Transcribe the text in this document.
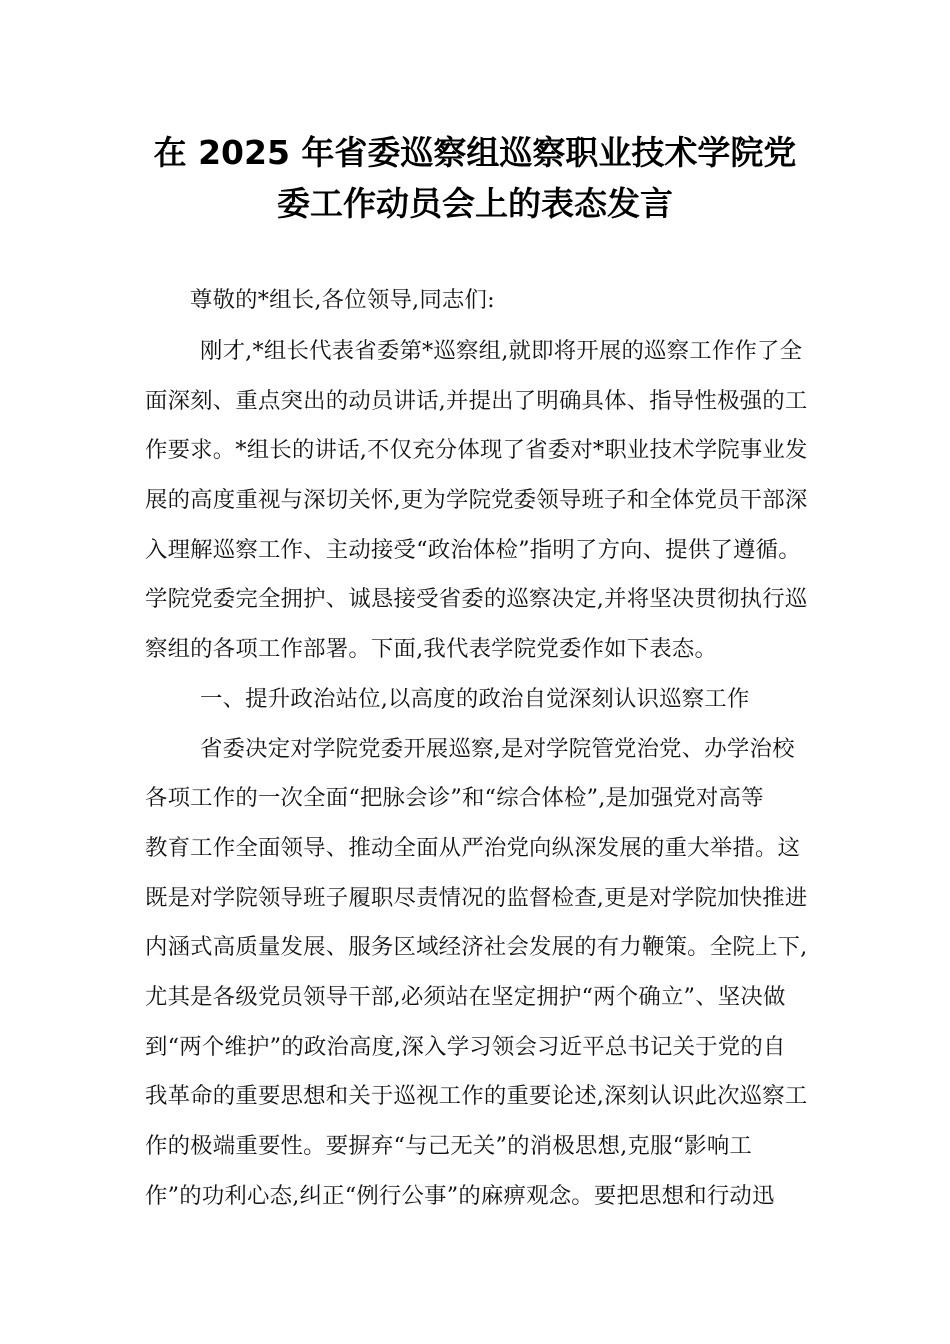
在 2025 年省委巡察组巡察职业技术学院党
委工作动员会上的表态发言
尊敬的*组长,各位领导,同志们:
刚才,*组长代表省委第*巡察组,就即将开展的巡察工作作了全
面深刻、重点突出的动员讲话,并提出了明确具体、指导性极强的工
作要求。*组长的讲话,不仅充分体现了省委对*职业技术学院事业发
展的高度重视与深切关怀,更为学院党委领导班子和全体党员干部深
入理解巡察工作、主动接受“政治体检”指明了方向、提供了遵循。
学院党委完全拥护、诚恳接受省委的巡察决定,并将坚决贯彻执行巡
察组的各项工作部署。下面,我代表学院党委作如下表态。
一、提升政治站位,以高度的政治自觉深刻认识巡察工作
省委决定对学院党委开展巡察,是对学院管党治党、办学治校
各项工作的一次全面“把脉会诊”和“综合体检”,是加强党对高等
教育工作全面领导、推动全面从严治党向纵深发展的重大举措。这
既是对学院领导班子履职尽责情况的监督检查,更是对学院加快推进
内涵式高质量发展、服务区域经济社会发展的有力鞭策。全院上下,
尤其是各级党员领导干部,必须站在坚定拥护“两个确立”、坚决做
到“两个维护”的政治高度,深入学习领会习近平总书记关于党的自
我革命的重要思想和关于巡视工作的重要论述,深刻认识此次巡察工
作的极端重要性。要摒弃“与己无关”的消极思想,克服“影响工
作”的功利心态,纠正“例行公事”的麻痹观念。要把思想和行动迅
